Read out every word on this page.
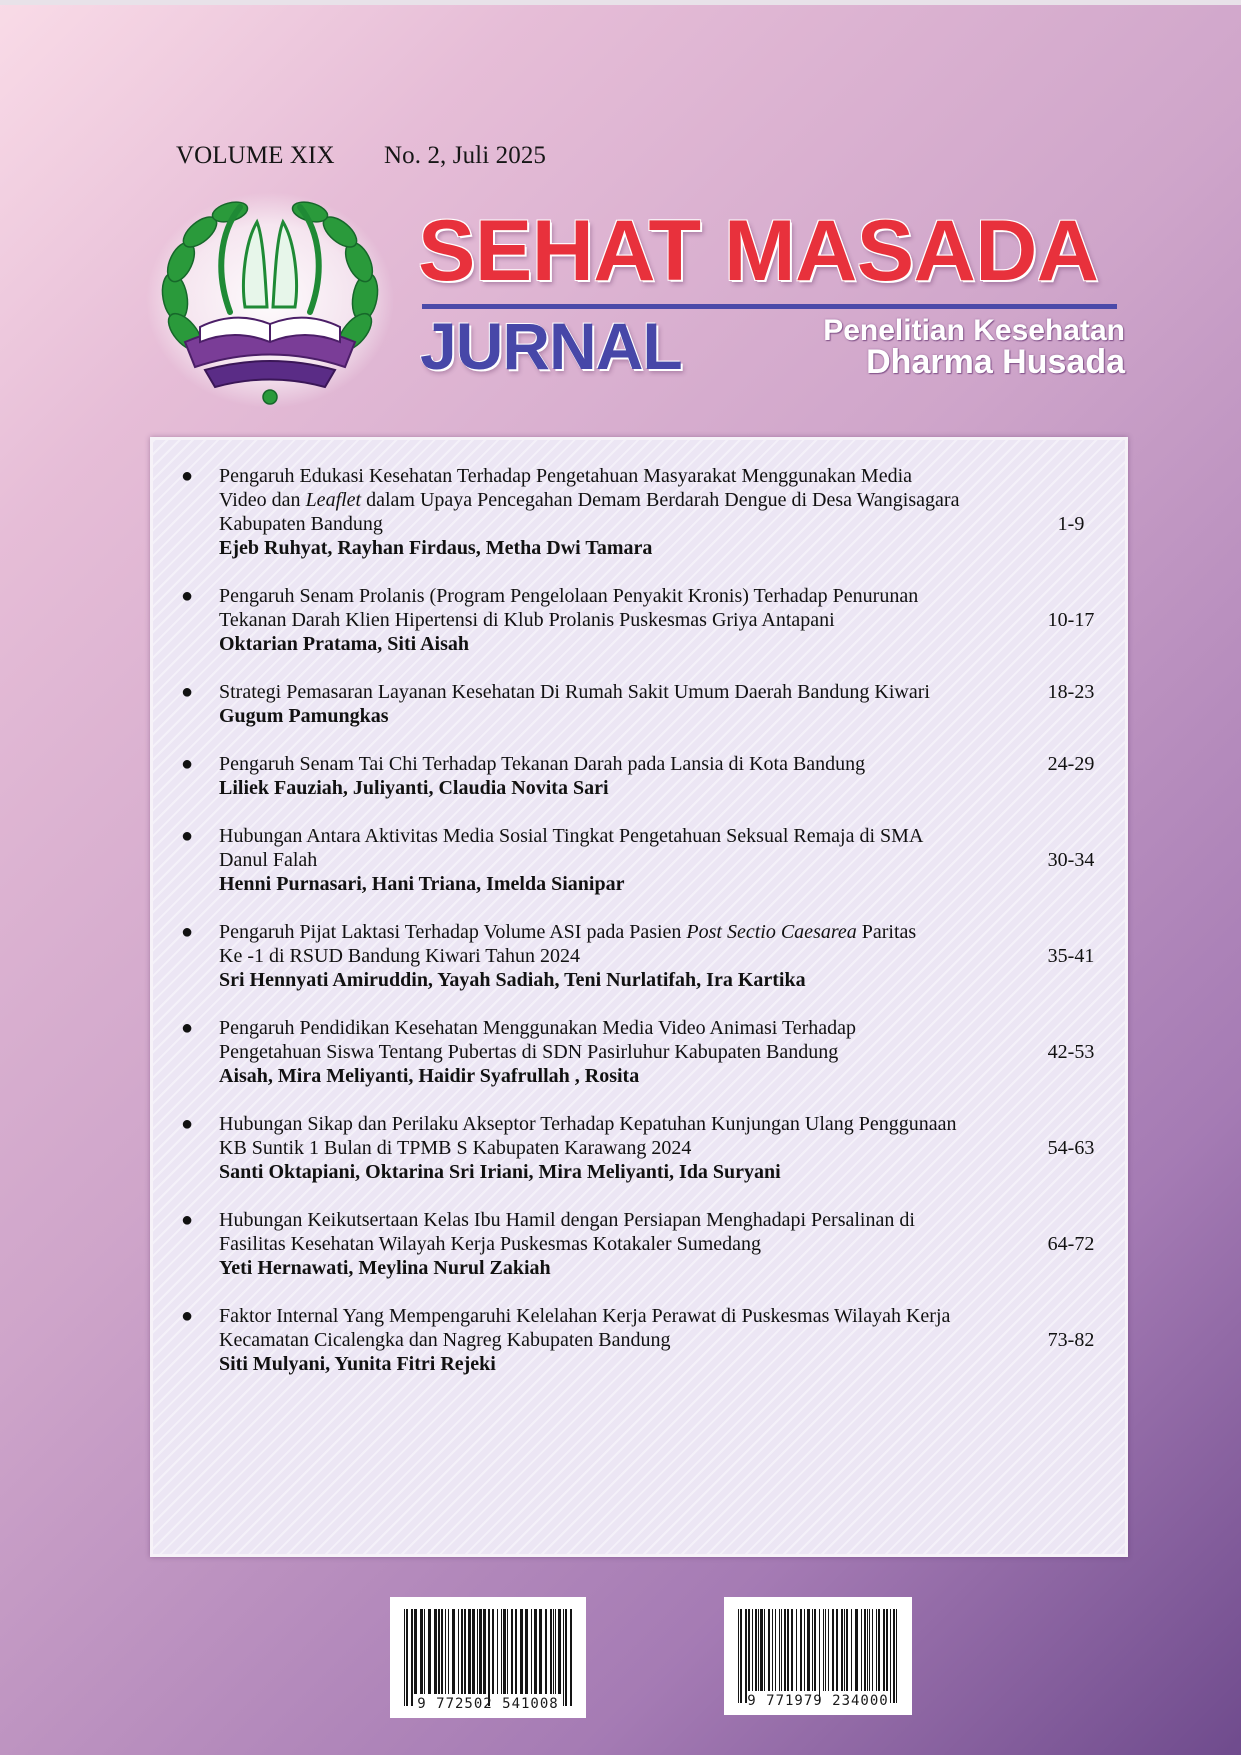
VOLUME XIX No. 2, Juli 2025
SEHAT MASADA
JURNAL	Penelitian Kesehatan
Dharma Husada
● Pengaruh Edukasi Kesehatan Terhadap Pengetahuan Masyarakat Menggunakan Media
Video dan Leaflet dalam Upaya Pencegahan Demam Berdarah Dengue di Desa Wangisagara
Kabupaten Bandung
Ejeb Ruhyat, Rayhan Firdaus, Metha Dwi Tamara
1-9
● Pengaruh Senam Prolanis (Program Pengelolaan Penyakit Kronis) Terhadap Penurunan
Tekanan Darah Klien Hipertensi di Klub Prolanis Puskesmas Griya Antapani
Oktarian Pratama, Siti Aisah
10-17
● Strategi Pemasaran Layanan Kesehatan Di Rumah Sakit Umum Daerah Bandung Kiwari
Gugum Pamungkas
18-23
● Pengaruh Senam Tai Chi Terhadap Tekanan Darah pada Lansia di Kota Bandung
Liliek Fauziah, Juliyanti, Claudia Novita Sari
24-29
● Hubungan Antara Aktivitas Media Sosial Tingkat Pengetahuan Seksual Remaja di SMA
Danul Falah
Henni Purnasari, Hani Triana, Imelda Sianipar
30-34
● Pengaruh Pijat Laktasi Terhadap Volume ASI pada Pasien Post Sectio Caesarea Paritas
Ke -1 di RSUD Bandung Kiwari Tahun 2024
Sri Hennyati Amiruddin, Yayah Sadiah, Teni Nurlatifah, Ira Kartika
35-41
● Pengaruh Pendidikan Kesehatan Menggunakan Media Video Animasi Terhadap
Pengetahuan Siswa Tentang Pubertas di SDN Pasirluhur Kabupaten Bandung
Aisah, Mira Meliyanti, Haidir Syafrullah , Rosita
42-53
● Hubungan Sikap dan Perilaku Akseptor Terhadap Kepatuhan Kunjungan Ulang Penggunaan
KB Suntik 1 Bulan di TPMB S Kabupaten Karawang 2024
Santi Oktapiani, Oktarina Sri Iriani, Mira Meliyanti, Ida Suryani
54-63
● Hubungan Keikutsertaan Kelas Ibu Hamil dengan Persiapan Menghadapi Persalinan di
Fasilitas Kesehatan Wilayah Kerja Puskesmas Kotakaler Sumedang
Yeti Hernawati, Meylina Nurul Zakiah
64-72
● Faktor Internal Yang Mempengaruhi Kelelahan Kerja Perawat di Puskesmas Wilayah Kerja
Kecamatan Cicalengka dan Nagreg Kabupaten Bandung
Siti Mulyani, Yunita Fitri Rejeki
73-82
9 772502 541008	9 771979 234000
